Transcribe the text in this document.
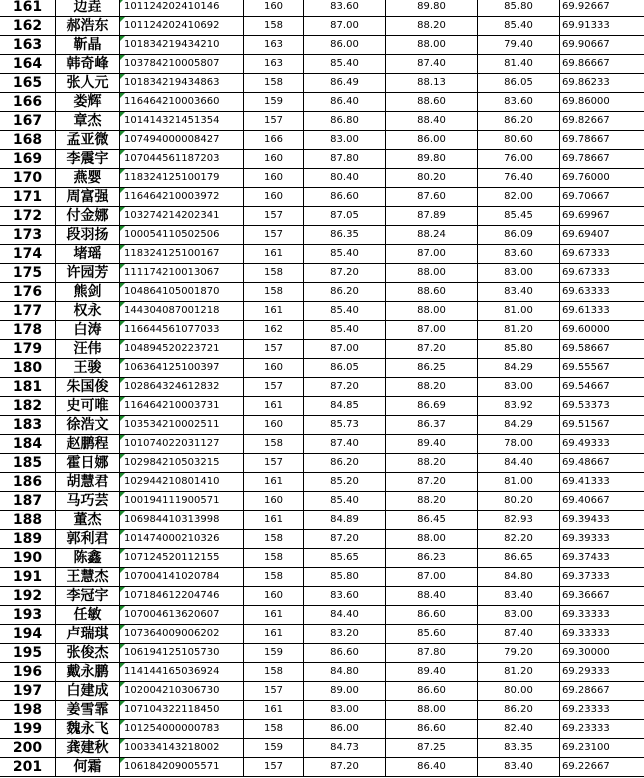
161	边垚	101124202410146	160	83.60	89.80	85.80	69.92667
162	郝浩东	101124202410692	158	87.00	88.20	85.40	69.91333
163	靳晶	101834219434210	163	86.00	88.00	79.40	69.90667
164	韩奇峰	103784210005807	163	85.40	87.40	81.40	69.86667
165	张人元	101834219434863	158	86.49	88.13	86.05	69.86233
166	娄辉	116464210003660	159	86.40	88.60	83.60	69.86000
167	章杰	101414321451354	157	86.80	88.40	86.20	69.82667
168	孟亚微	107494000008427	166	83.00	86.00	80.60	69.78667
169	李震宇	107044561187203	160	87.80	89.80	76.00	69.78667
170	燕婴	118324125100179	160	80.40	80.20	76.40	69.76000
171	周富强	116464210003972	160	86.60	87.60	82.00	69.70667
172	付金娜	103274214202341	157	87.05	87.89	85.45	69.69967
173	段羽扬	100054110502506	157	86.35	88.24	86.09	69.69407
174	堵瑶	118324125100167	161	85.40	87.00	83.60	69.67333
175	许园芳	111174210013067	158	87.20	88.00	83.00	69.67333
176	熊剑	104864105001870	158	86.20	88.60	83.40	69.63333
177	权永	144304087001218	161	85.40	88.00	81.00	69.61333
178	白涛	116644561077033	162	85.40	87.00	81.20	69.60000
179	汪伟	104894520223721	157	87.00	87.20	85.80	69.58667
180	王骏	106364125100397	160	86.05	86.25	84.29	69.55567
181	朱国俊	102864324612832	157	87.20	88.20	83.00	69.54667
182	史可唯	116464210003731	161	84.85	86.69	83.92	69.53373
183	徐浩文	103534210002511	160	85.73	86.37	84.29	69.51567
184	赵鹏程	101074022031127	158	87.40	89.40	78.00	69.49333
185	霍日娜	102984210503215	157	86.20	88.20	84.40	69.48667
186	胡慧君	102944210801410	161	85.20	87.20	81.00	69.41333
187	马巧芸	100194111900571	160	85.40	88.20	80.20	69.40667
188	董杰	106984410313998	161	84.89	86.45	82.93	69.39433
189	郭利君	101474000210326	158	87.20	88.00	82.20	69.39333
190	陈鑫	107124520112155	158	85.65	86.23	86.65	69.37433
191	王慧杰	107004141020784	158	85.80	87.00	84.80	69.37333
192	李冠宇	107184612204746	160	83.60	88.40	83.40	69.36667
193	任敏	107004613620607	161	84.40	86.60	83.00	69.33333
194	卢瑞琪	107364009006202	161	83.20	85.60	87.40	69.33333
195	张俊杰	106194125105730	159	86.60	87.80	79.20	69.30000
196	戴永鹏	114144165036924	158	84.80	89.40	81.20	69.29333
197	白建成	102004210306730	157	89.00	86.60	80.00	69.28667
198	姜雪霏	107104322118450	161	83.00	88.00	86.20	69.23333
199	魏永飞	101254000000783	158	86.00	86.60	82.40	69.23333
200	龚建秋	100334143218002	159	84.73	87.25	83.35	69.23100
201	何霜	106184209005571	157	87.20	86.40	83.40	69.22667
